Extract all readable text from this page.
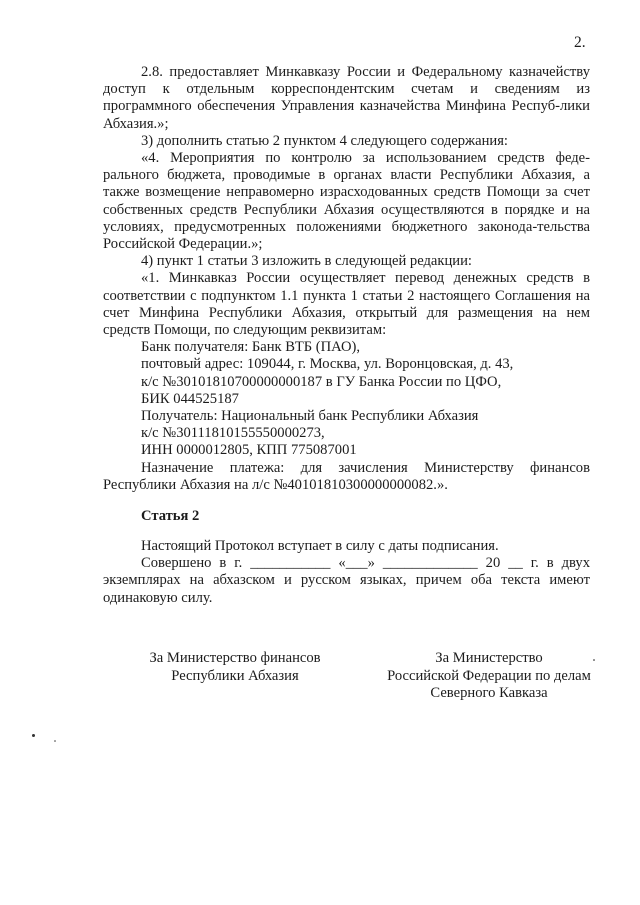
2.

2.8. предоставляет Минкавказу России и Федеральному казначейству доступ к отдельным корреспондентским счетам и сведениям из программного обеспечения Управления казначейства Минфина Респуб-лики Абхазия.»;

3) дополнить статью 2 пунктом 4 следующего содержания:

«4. Мероприятия по контролю за использованием средств феде-рального бюджета, проводимые в органах власти Республики Абхазия, а также возмещение неправомерно израсходованных средств Помощи за счет собственных средств Республики Абхазия осуществляются в порядке и на условиях, предусмотренных положениями бюджетного законода-тельства Российской Федерации.»;

4) пункт 1 статьи 3 изложить в следующей редакции:

«1. Минкавказ России осуществляет перевод денежных средств в соответствии с подпунктом 1.1 пункта 1 статьи 2 настоящего Соглашения на счет Минфина Республики Абхазия, открытый для размещения на нем средств Помощи, по следующим реквизитам:

Банк получателя: Банк ВТБ (ПАО),

почтовый адрес: 109044, г. Москва, ул. Воронцовская, д. 43,

к/с №30101810700000000187 в ГУ Банка России по ЦФО,

БИК 044525187

Получатель: Национальный банк Республики Абхазия

к/с №30111810155550000273,

ИНН 0000012805, КПП 775087001

Назначение платежа: для зачисления Министерству финансов Республики Абхазия на л/с №40101810300000000082.».

Статья 2

Настоящий Протокол вступает в силу с даты подписания.

Совершено в г. ___________ «___» _____________ 20 __ г. в двух экземплярах на абхазском и русском языках, причем оба текста имеют одинаковую силу.

За Министерство финансов
Республики Абхазия
За Министерство
Российской Федерации по делам
Северного Кавказа
